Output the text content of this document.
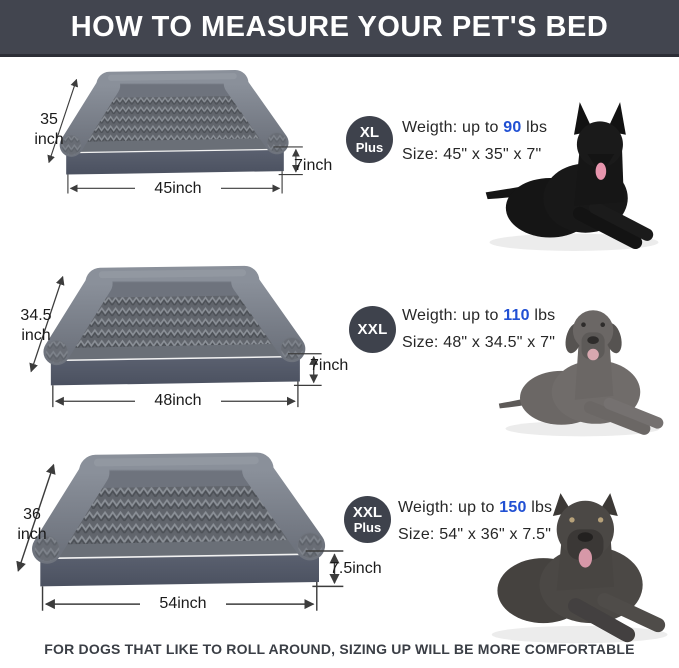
HOW TO MEASURE YOUR PET'S BED
35
inch
45inch
7inch
XL
Plus
Weigth: up to 90 lbs
Size: 45" x 35" x 7"
34.5
inch
48inch
7inch
XXL
Weigth: up to 110 lbs
Size: 48" x 34.5" x 7"
36
inch
54inch
7.5inch
XXL
Plus
Weigth: up to 150 lbs
Size: 54" x 36" x 7.5"
FOR DOGS THAT LIKE TO ROLL AROUND, SIZING UP WILL BE MORE COMFORTABLE
